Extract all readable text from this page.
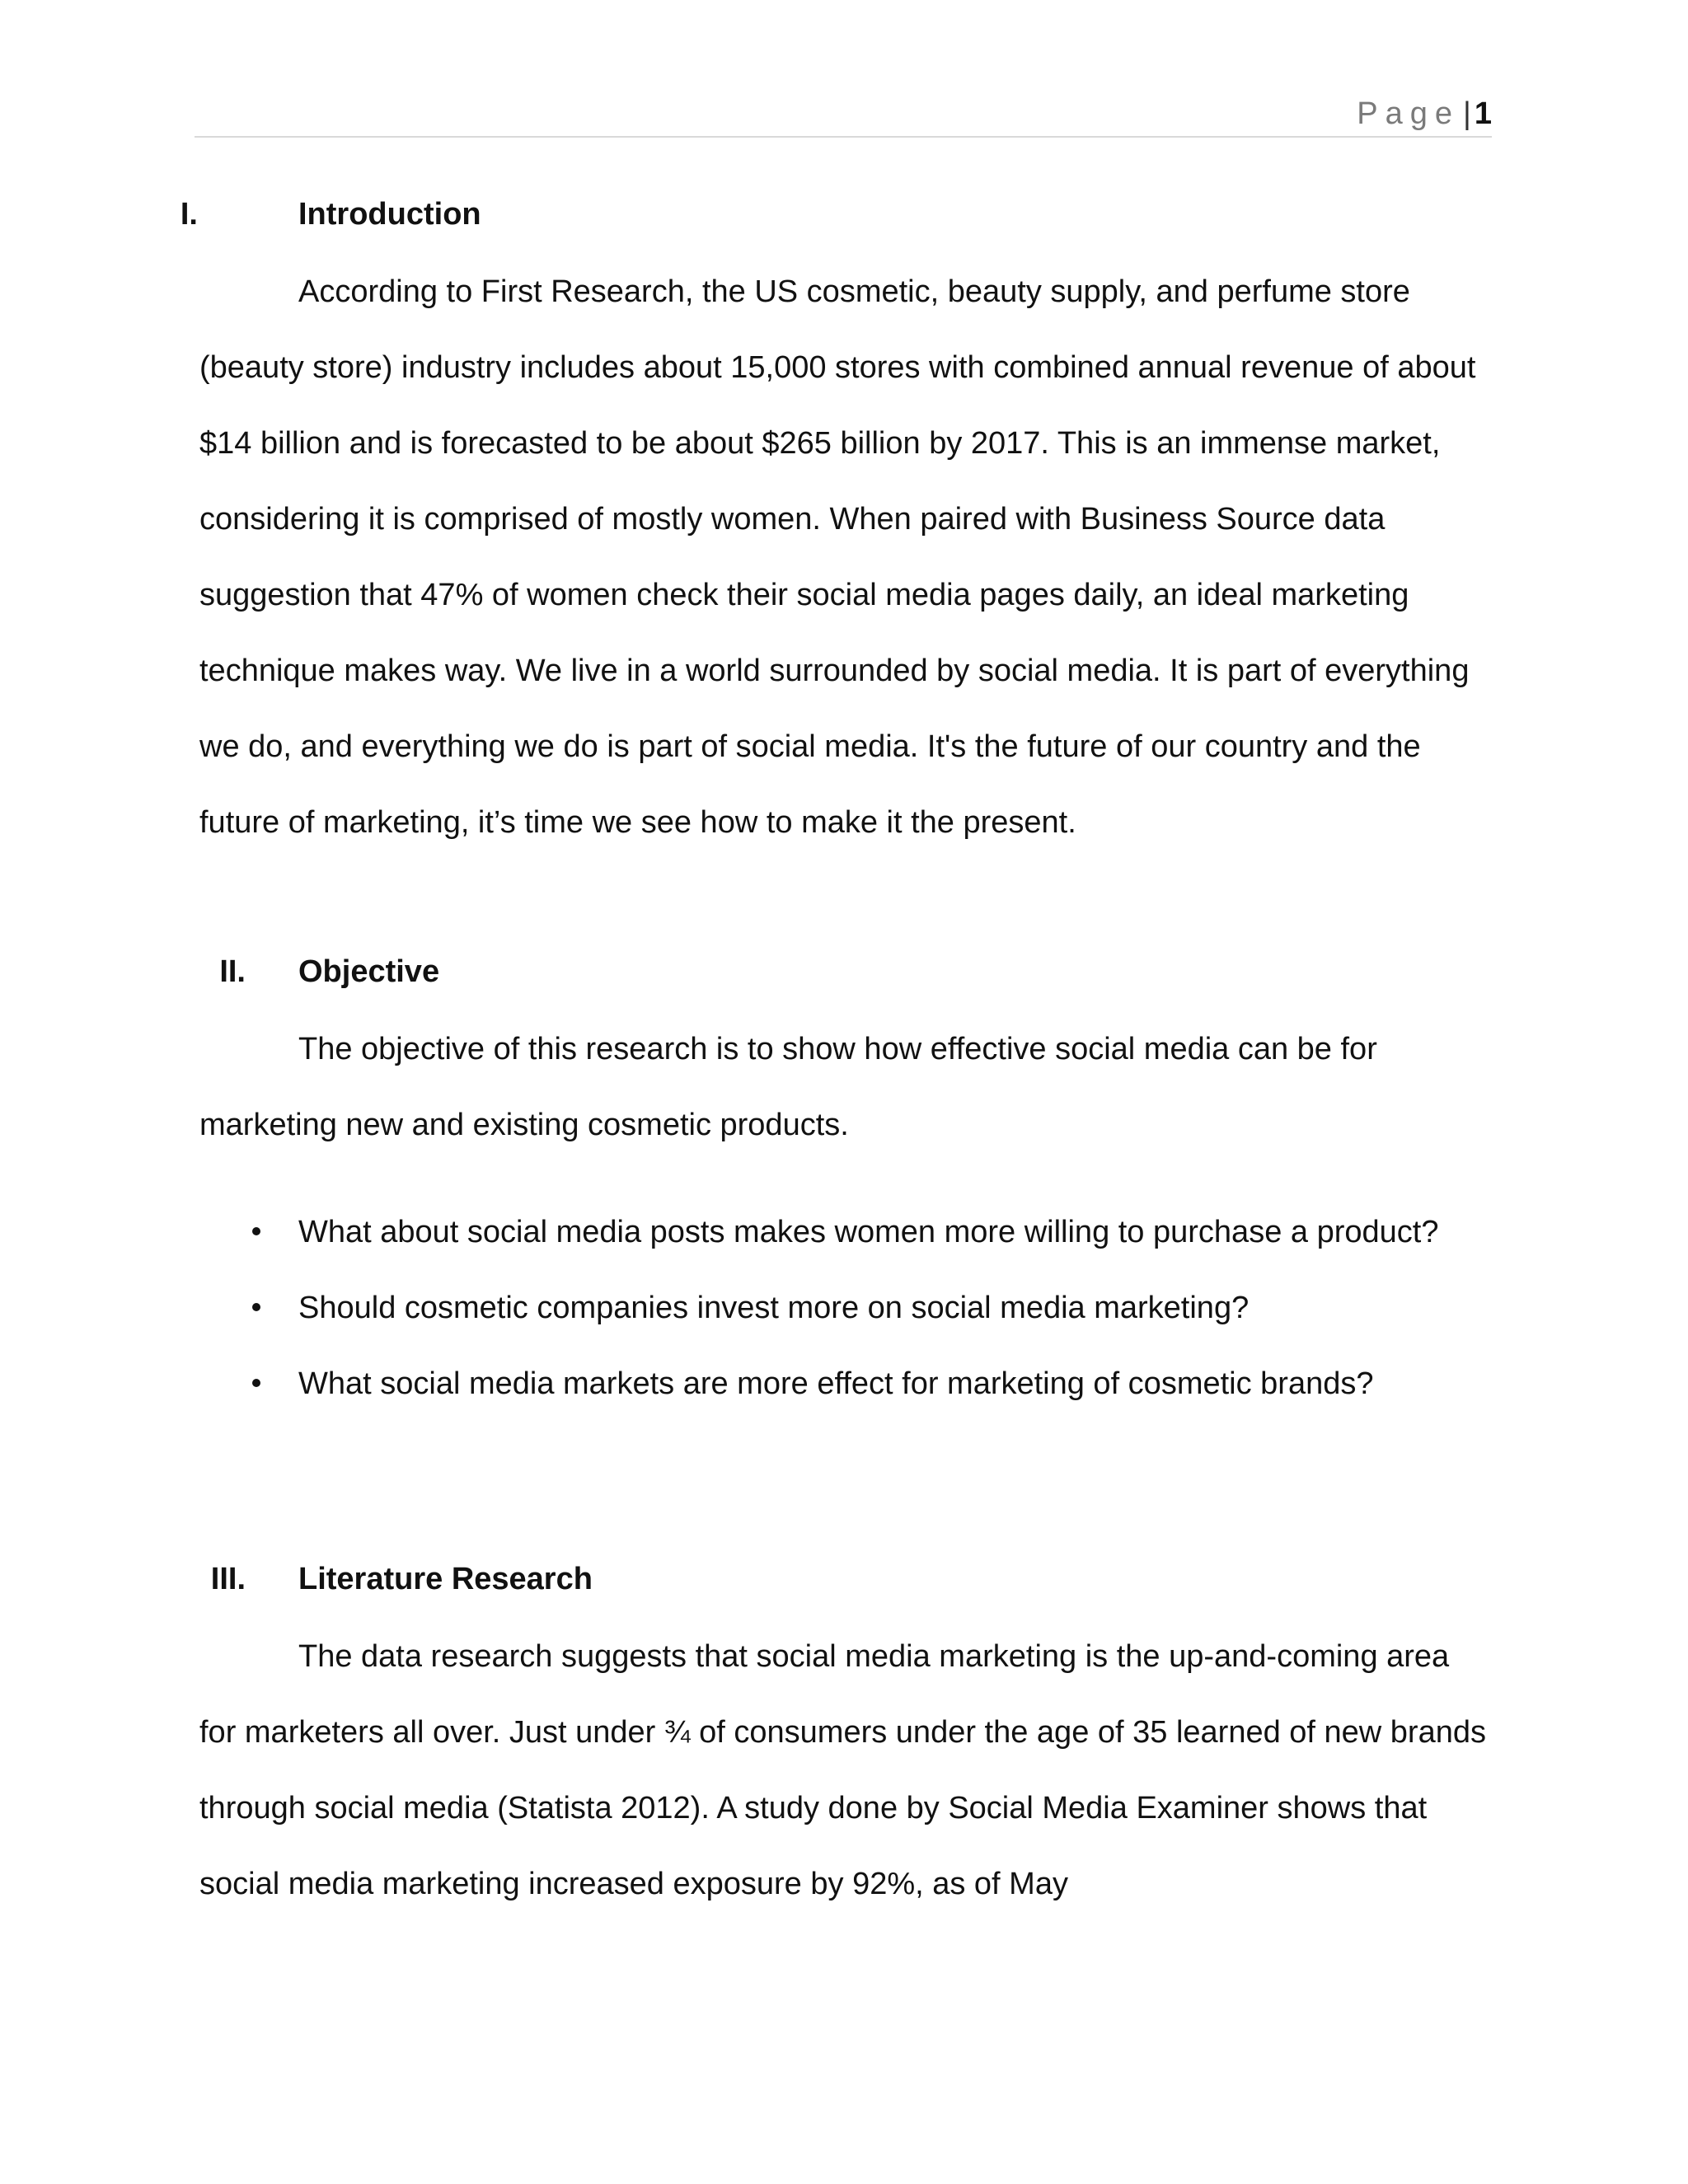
Page | 1
I.	Introduction

According to First Research, the US cosmetic, beauty supply, and perfume store (beauty store) industry includes about 15,000 stores with combined annual revenue of about $14 billion and is forecasted to be about $265 billion by 2017. This is an immense market, considering it is comprised of mostly women. When paired with Business Source data suggestion that 47% of women check their social media pages daily, an ideal marketing technique makes way. We live in a world surrounded by social media. It is part of everything we do, and everything we do is part of social media. It's the future of our country and the future of marketing, it’s time we see how to make it the present.

II. Objective

The objective of this research is to show how effective social media can be for marketing new and existing cosmetic products.

What about social media posts makes women more willing to purchase a product?
Should cosmetic companies invest more on social media marketing?
What social media markets are more effect for marketing of cosmetic brands?
III. Literature Research

The data research suggests that social media marketing is the up-and-coming area for marketers all over. Just under ¾ of consumers under the age of 35 learned of new brands through social media (Statista 2012). A study done by Social Media Examiner shows that social media marketing increased exposure by 92%, as of May
